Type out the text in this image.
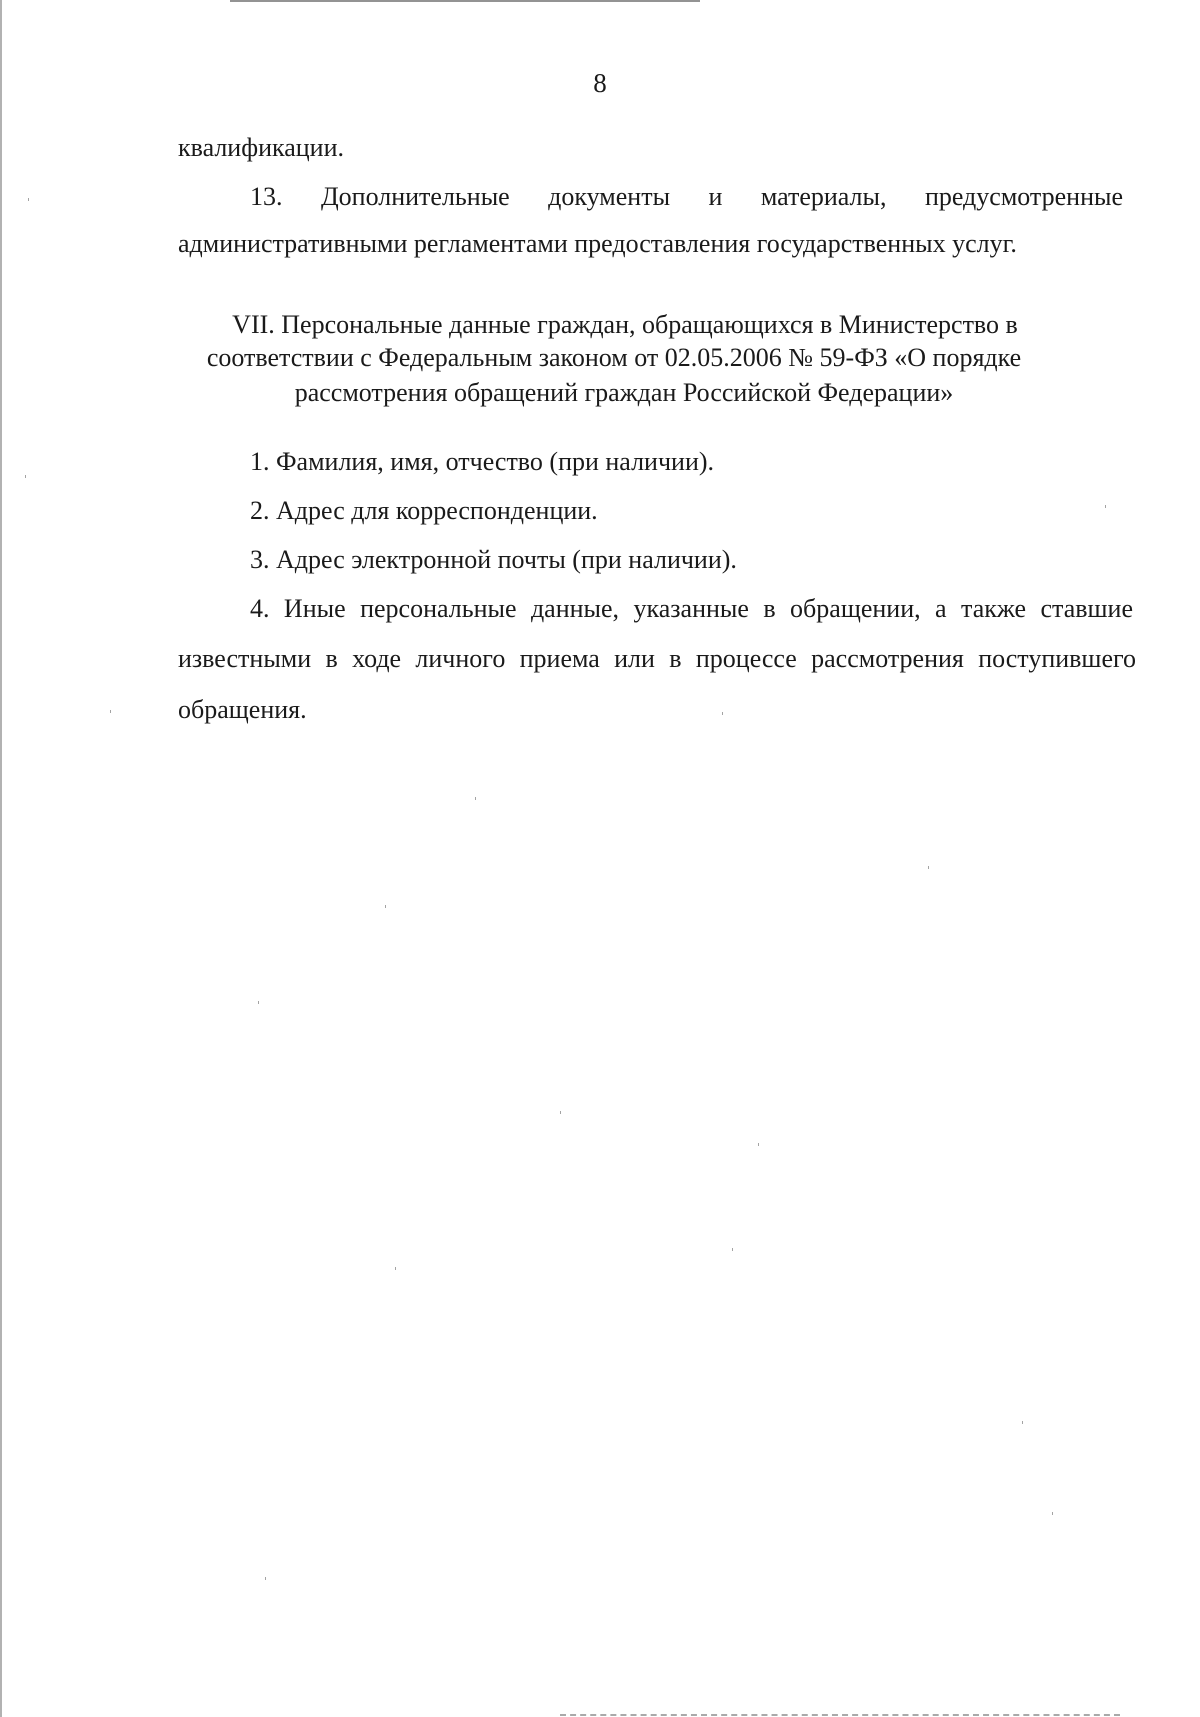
8
квалификации.
13. Дополнительные документы и материалы, предусмотренные
административными регламентами предоставления государственных услуг.
VII. Персональные данные граждан, обращающихся в Министерство в
соответствии с Федеральным законом от 02.05.2006 № 59-ФЗ «О порядке
рассмотрения обращений граждан Российской Федерации»
1. Фамилия, имя, отчество (при наличии).
2. Адрес для корреспонденции.
3. Адрес электронной почты (при наличии).
4. Иные персональные данные, указанные в обращении, а также ставшие
известными в ходе личного приема или в процессе рассмотрения поступившего
обращения.
